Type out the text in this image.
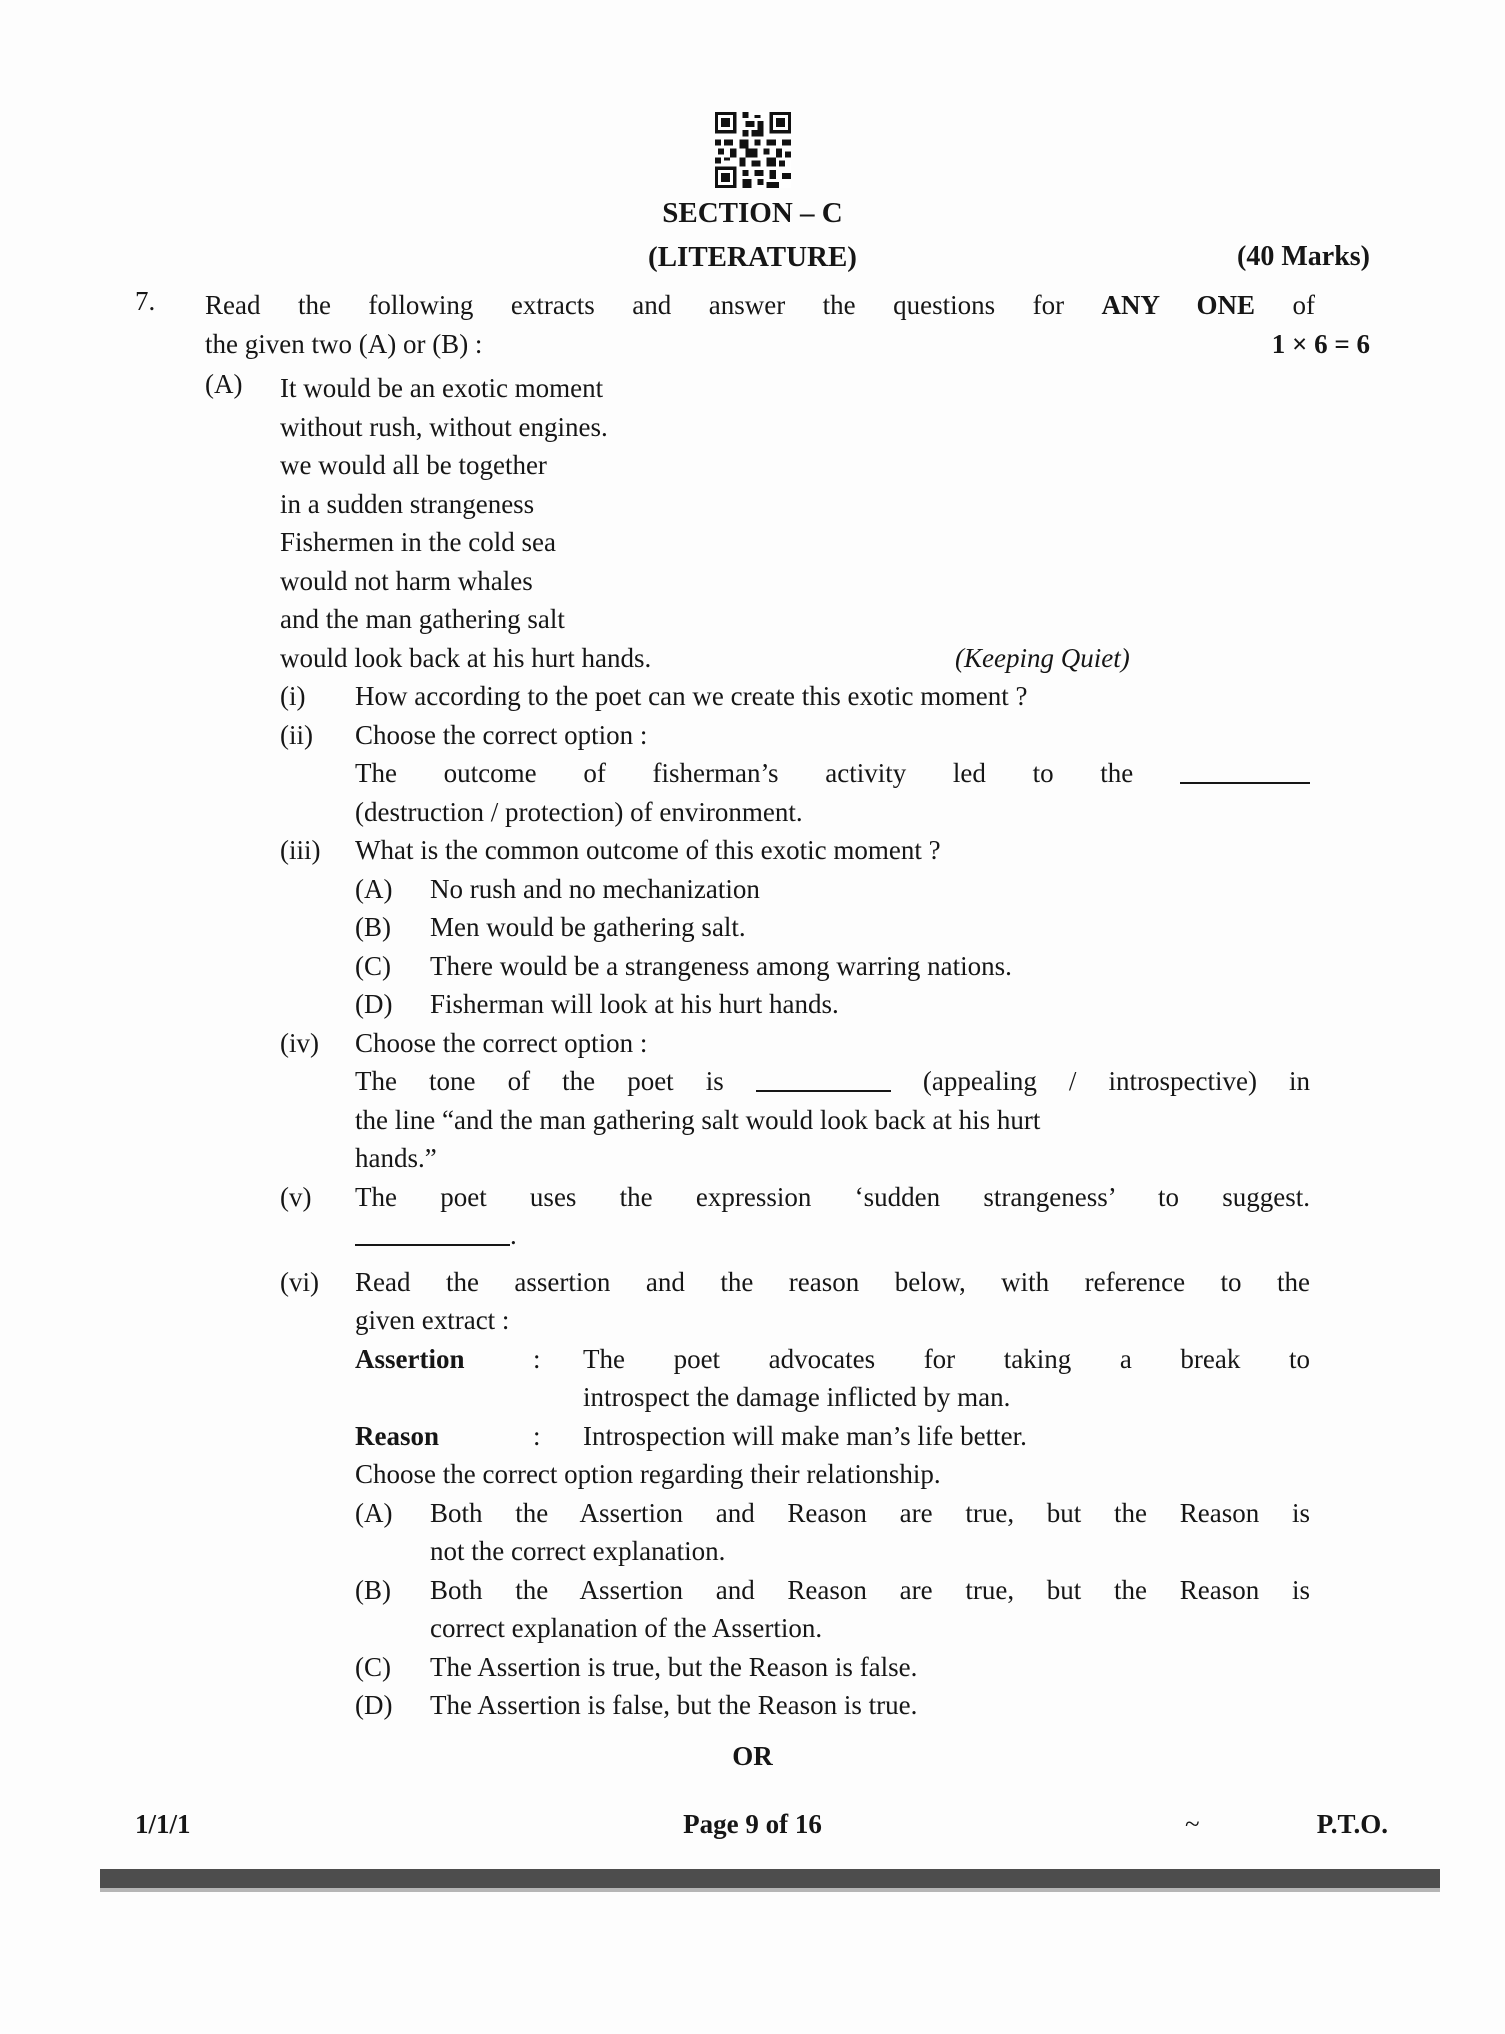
SECTION – C
(LITERATURE)	(40 Marks)
7.	Read the following extracts and answer the questions for ANY ONE of
the given two (A) or (B) :	1 × 6 = 6
(A)	It would be an exotic moment
without rush, without engines.
we would all be together
in a sudden strangeness
Fishermen in the cold sea
would not harm whales
and the man gathering salt
would look back at his hurt hands.	(Keeping Quiet)
(i)	How according to the poet can we create this exotic moment ?
(ii)	Choose the correct option :
The outcome of fisherman’s activity led to the
(destruction / protection) of environment.
(iii)	What is the common outcome of this exotic moment ?
(A)	No rush and no mechanization
(B)	Men would be gathering salt.
(C)	There would be a strangeness among warring nations.
(D)	Fisherman will look at his hurt hands.
(iv)	Choose the correct option :
The tone of the poet is	(appealing / introspective) in
the line “and the man gathering salt would look back at his hurt
hands.”
(v)	The poet uses the expression ‘sudden strangeness’ to suggest.
.
(vi)	Read the assertion and the reason below, with reference to the
given extract :
Assertion	:	The poet advocates for taking a break to
introspect the damage inflicted by man.
Reason	:	Introspection will make man’s life better.
Choose the correct option regarding their relationship.
(A)	Both the Assertion and Reason are true, but the Reason is
not the correct explanation.
(B)	Both the Assertion and Reason are true, but the Reason is
correct explanation of the Assertion.
(C)	The Assertion is true, but the Reason is false.
(D)	The Assertion is false, but the Reason is true.
OR
1/1/1	Page 9 of 16	~	P.T.O.
